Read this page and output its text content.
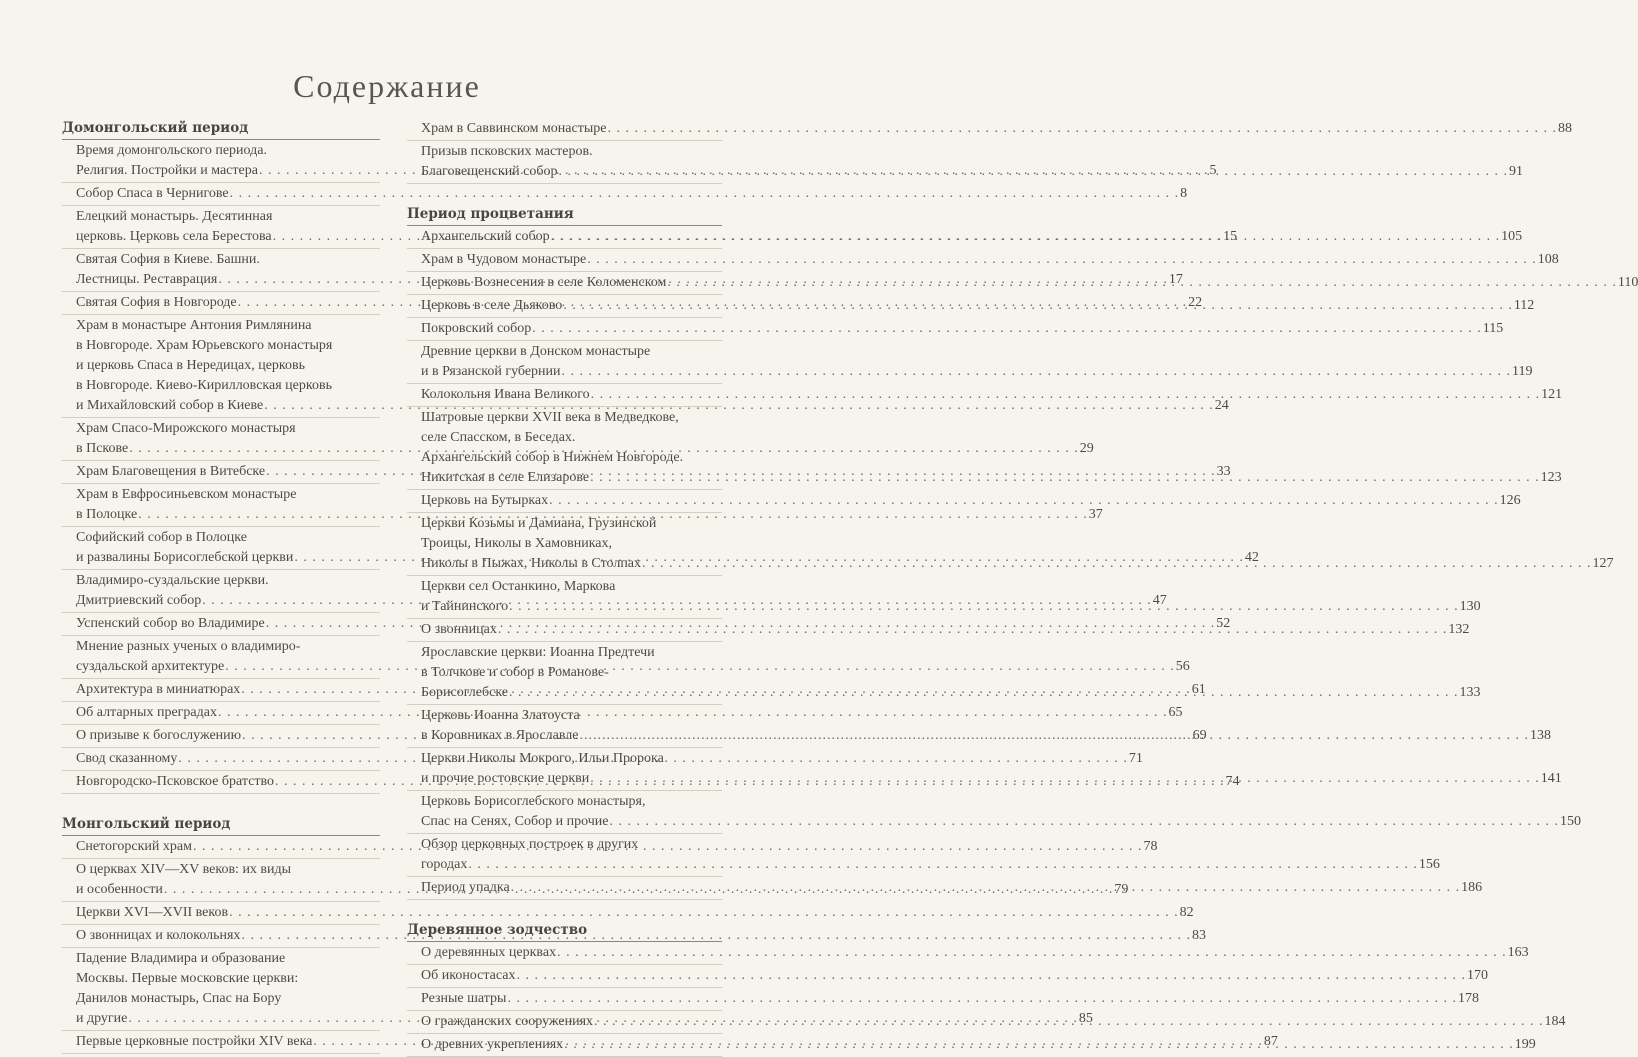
Содержание
Домонгольский период
Время домонгольского периода.
Религия. Постройки и мастера . . .	5
Собор Спаса в Чернигове . . .	8
Елецкий монастырь. Десятинная
церковь. Церковь села Берестова . . .	15
Святая София в Киеве. Башни.
Лестницы. Реставрация . . .	17
Святая София в Новгороде . . .	22
Храм в монастыре Антония Римлянина
в Новгороде. Храм Юрьевского монастыря
и церковь Спаса в Нередицах, церковь
в Новгороде. Киево-Кирилловская церковь
и Михайловский собор в Киеве . . .	24
Храм Спасо-Мирожского монастыря
в Пскове . . .	29
Храм Благовещения в Витебске . . .	33
Храм в Евфросиньевском монастыре
в Полоцке . . .	37
Софийский собор в Полоцке
и развалины Борисоглебской церкви . . .	42
Владимиро-суздальские церкви.
Дмитриевский собор . . .	47
Успенский собор во Владимире . . .	52
Мнение разных ученых о владимиро-
суздальской архитектуре . . .	56
Архитектура в миниатюрах . . .	61
Об алтарных преградах . . .	65
О призыве к богослужению . . .	69
Свод сказанному . . .	71
Новгородско-Псковское братство . . .	74
Монгольский период
Снетогорский храм . . .	78
О церквах XIV—XV веков: их виды
и особенности . . .	79
Церкви XVI—XVII веков . . .	82
О звонницах и колокольнях . . .	83
Падение Владимира и образование
Москвы. Первые московские церкви:
Данилов монастырь, Спас на Бору
и другие . . .	85
Первые церковные постройки XIV века . . .	87
Храм в Саввинском монастыре . . .	88
Призыв псковских мастеров.
Благовещенский собор . . .	91
Период процветания
Архангельский собор . . .	105
Храм в Чудовом монастыре . . .	108
Церковь Вознесения в селе Коломенском . . .	110
Церковь в селе Дьяково . . .	112
Покровский собор . . .	115
Древние церкви в Донском монастыре
и в Рязанской губернии . . .	119
Колокольня Ивана Великого . . .	121
Шатровые церкви XVII века в Медведкове,
селе Спасском, в Беседах.
Архангельский собор в Нижнем Новгороде.
Никитская в селе Елизарове . . .	123
Церковь на Бутырках . . .	126
Церкви Козьмы и Дамиана, Грузинской
Троицы, Николы в Хамовниках,
Николы в Пыжах, Николы в Столпах . . .	127
Церкви сел Останкино, Маркова
и Тайнинского . . .	130
О звонницах . . .	132
Ярославские церкви: Иоанна Предтечи
в Толчкове и собор в Романове-
Борисоглебске . . .	133
Церковь Иоанна Златоуста
в Коровниках в Ярославле . . .	138
Церкви Николы Мокрого, Ильи Пророка
и прочие ростовские церкви . . .	141
Церковь Борисоглебского монастыря,
Спас на Сенях, Собор и прочие . . .	150
Обзор церковных построек в других
городах . . .	156
Период упадка . . .	186
Деревянное зодчество
О деревянных церквах . . .	163
Об иконостасах . . .	170
Резные шатры . . .	178
О гражданских сооружениях . . .	184
О древних укреплениях . . .	199
